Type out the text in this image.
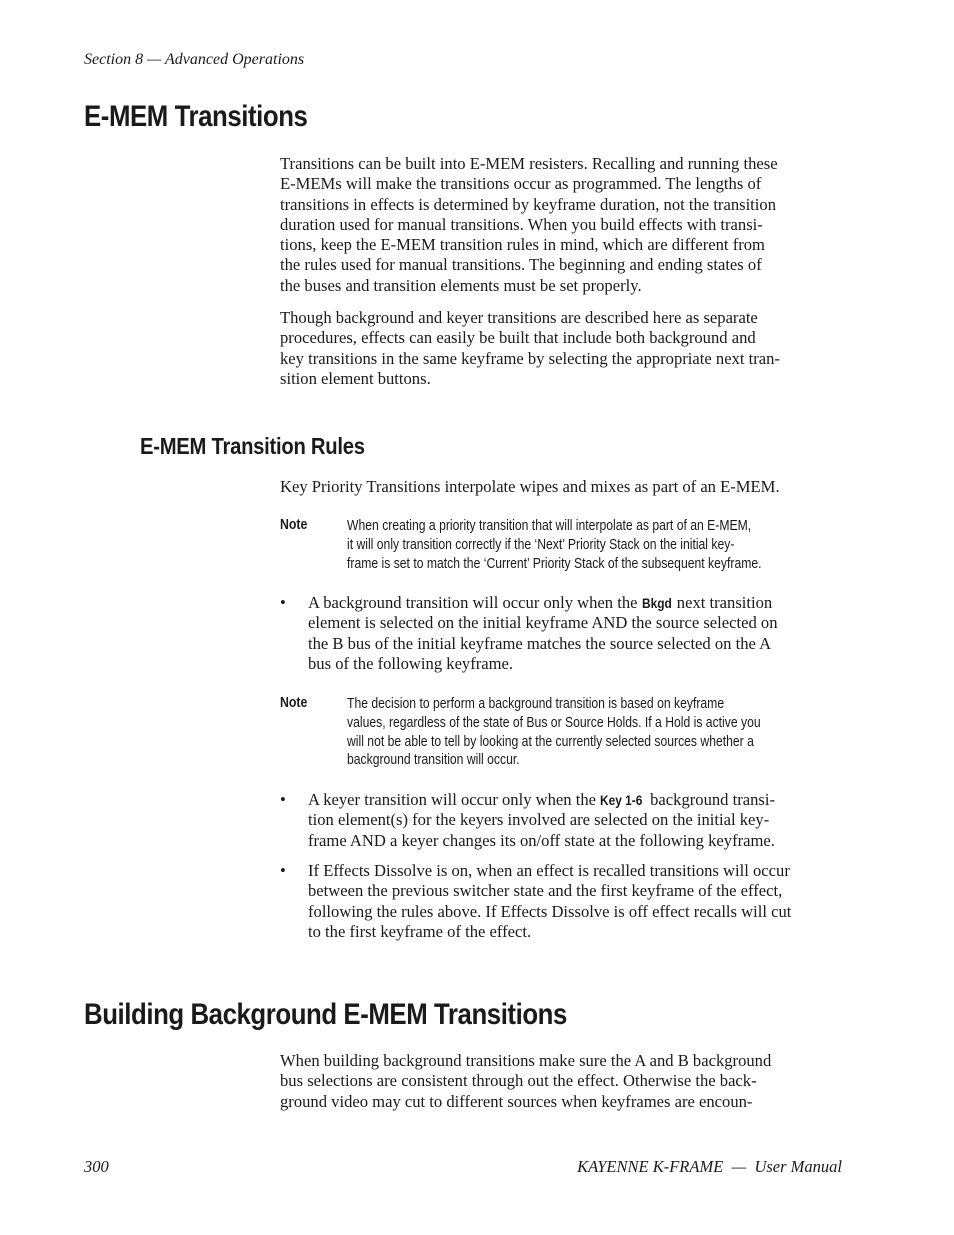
Section 8 — Advanced Operations
E-MEM Transitions

Transitions can be built into E-MEM resisters. Recalling and running these

E-MEMs will make the transitions occur as programmed. The lengths of

transitions in effects is determined by keyframe duration, not the transition

duration used for manual transitions. When you build effects with transi-

tions, keep the E-MEM transition rules in mind, which are different from

the rules used for manual transitions. The beginning and ending states of

the buses and transition elements must be set properly.

Though background and keyer transitions are described here as separate

procedures, effects can easily be built that include both background and

key transitions in the same keyframe by selecting the appropriate next tran-

sition element buttons.

E-MEM Transition Rules

Key Priority Transitions interpolate wipes and mixes as part of an E-MEM.

Note	When creating a priority transition that will interpolate as part of an E-MEM,
it will only transition correctly if the ‘Next’ Priority Stack on the initial key-
frame is set to match the ‘Current’ Priority Stack of the subsequent keyframe.
• A background transition will occur only when the Bkgd next transition
element is selected on the initial keyframe AND the source selected on
the B bus of the initial keyframe matches the source selected on the A
bus of the following keyframe.
Note	The decision to perform a background transition is based on keyframe
values, regardless of the state of Bus or Source Holds. If a Hold is active you
will not be able to tell by looking at the currently selected sources whether a
background transition will occur.
• A keyer transition will occur only when the Key 1-6 background transi-
tion element(s) for the keyers involved are selected on the initial key-
frame AND a keyer changes its on/off state at the following keyframe.
• If Effects Dissolve is on, when an effect is recalled transitions will occur
between the previous switcher state and the first keyframe of the effect,
following the rules above. If Effects Dissolve is off effect recalls will cut
to the first keyframe of the effect.
Building Background E-MEM Transitions

When building background transitions make sure the A and B background

bus selections are consistent through out the effect. Otherwise the back-

ground video may cut to different sources when keyframes are encoun-

300	KAYENNE K-FRAME  —  User Manual
